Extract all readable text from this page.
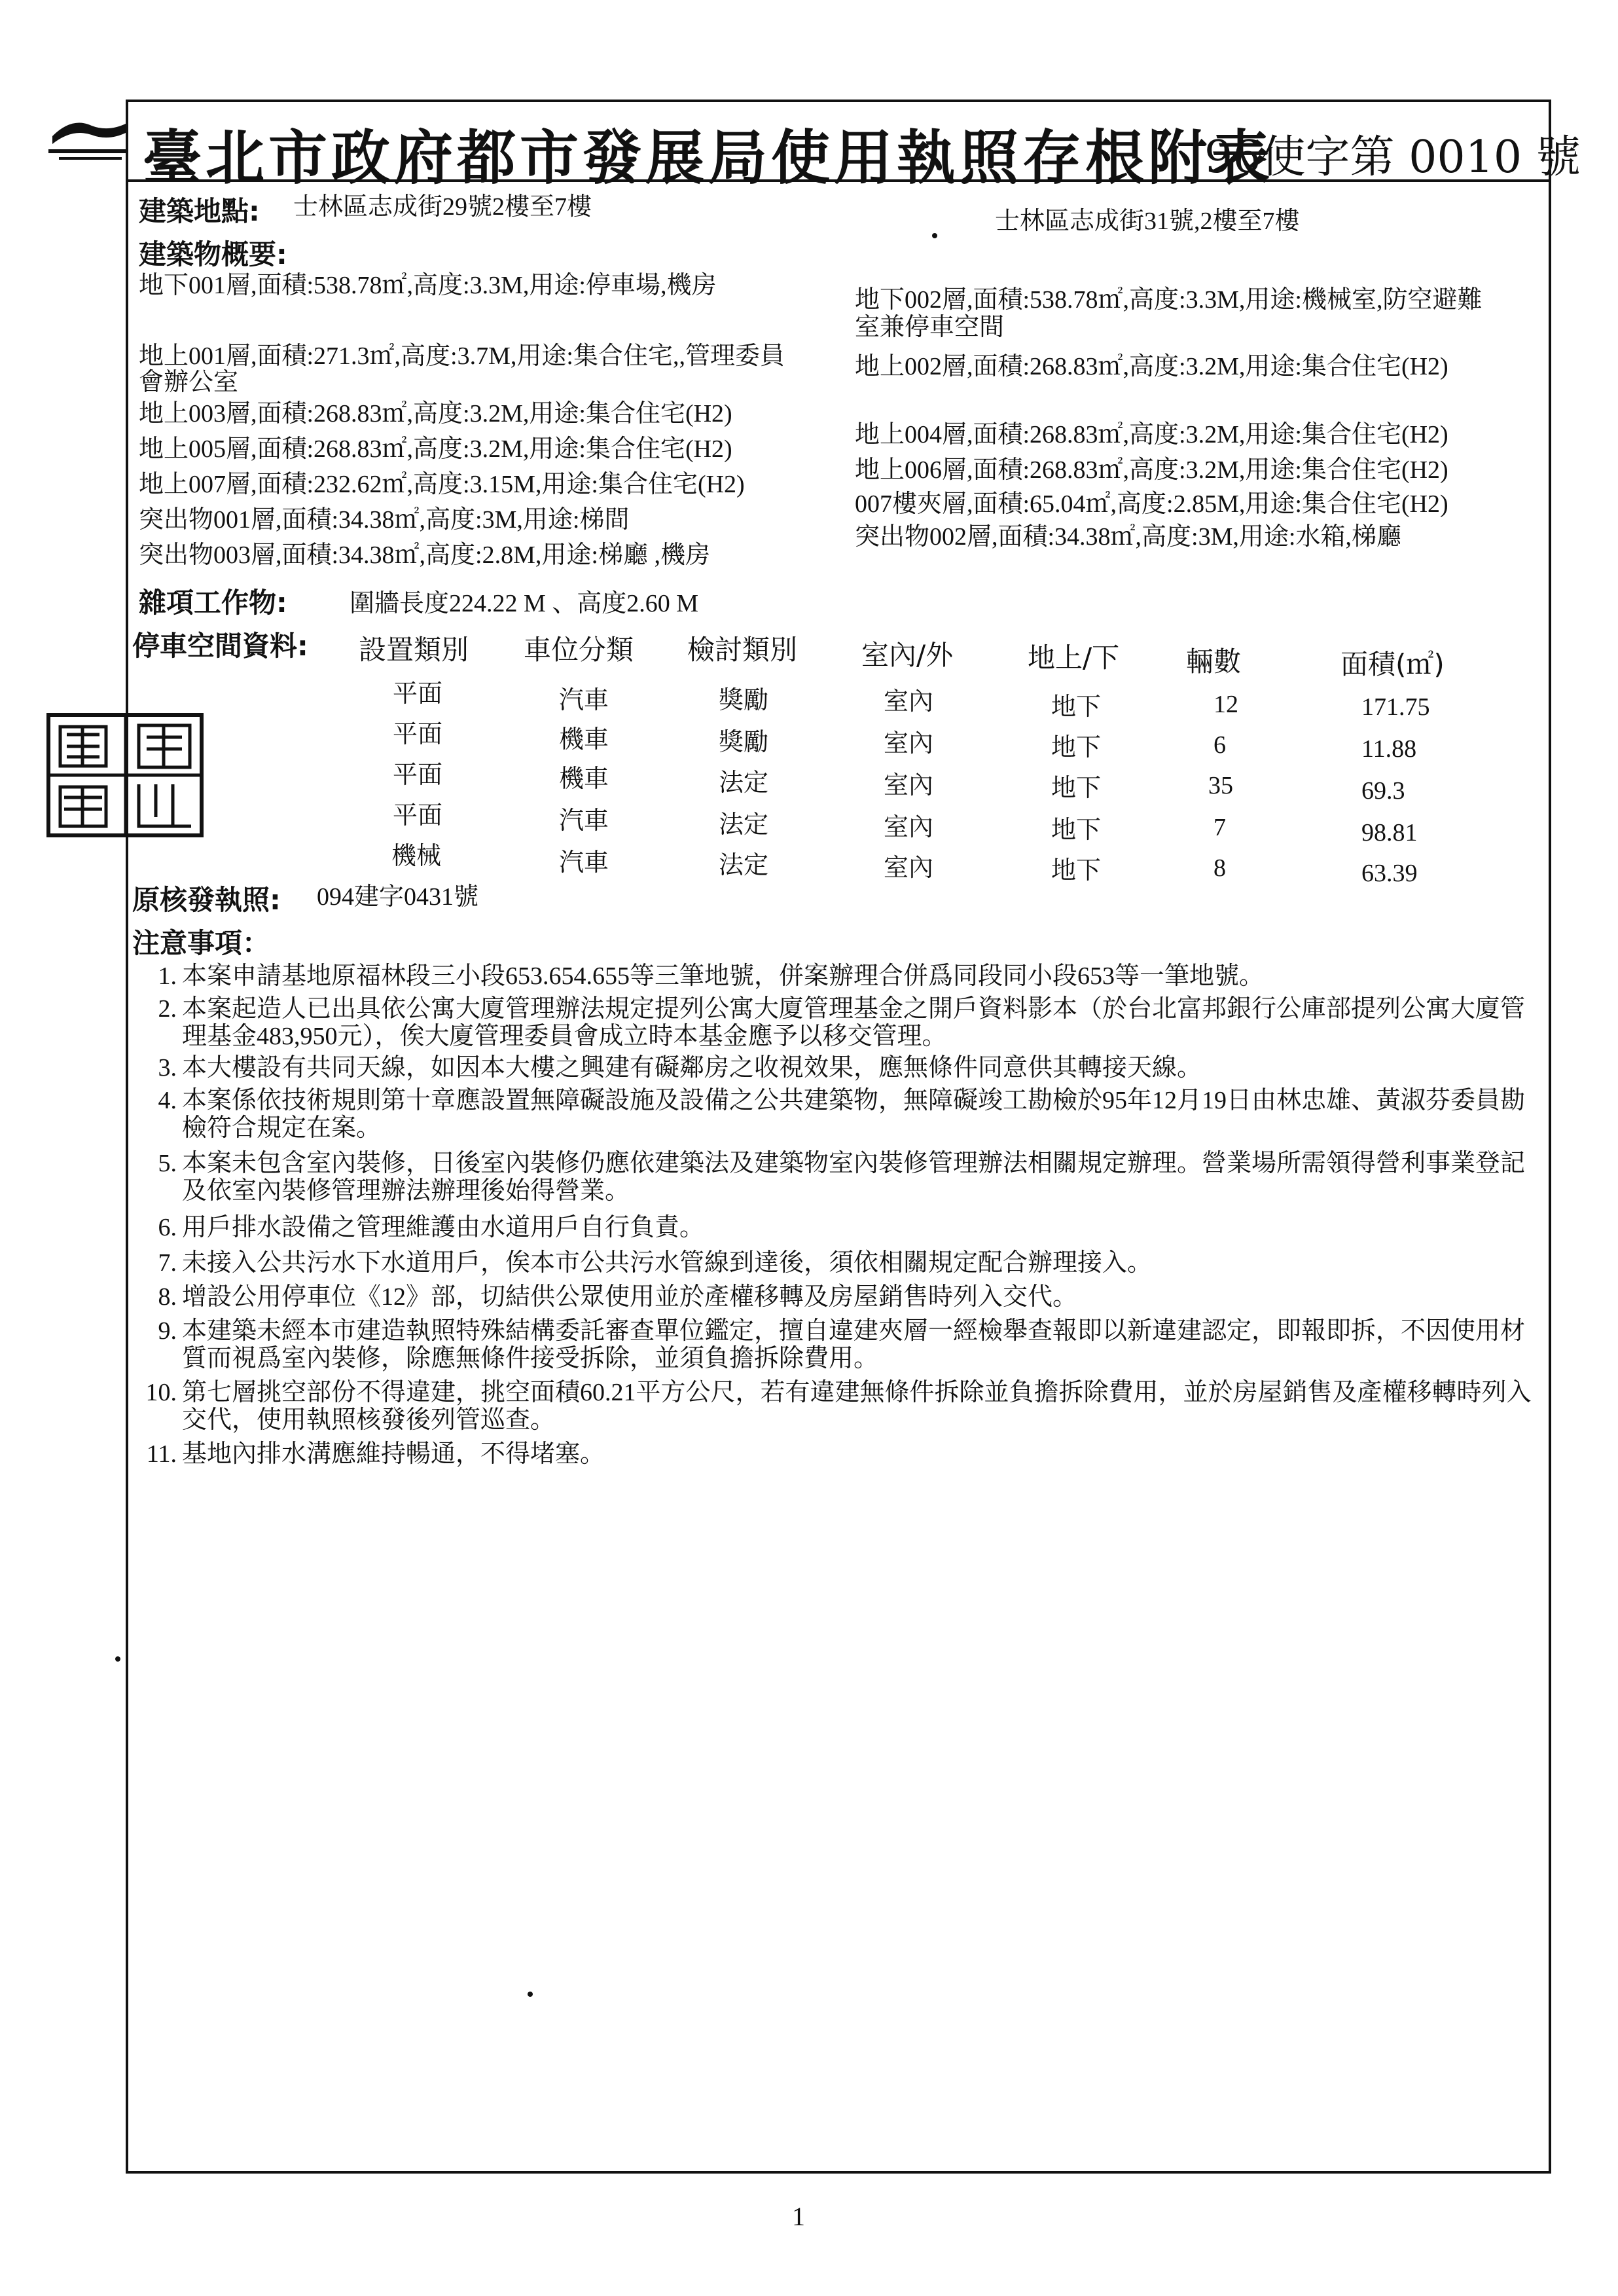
臺北市政府都市發展局使用執照存根附表
96使字第 0010 號
建築地點: 士林區志成街29號2樓至7樓
士林區志成街31號,2樓至7樓
建築物概要:
地下001層,面積:538.78㎡,高度:3.3M,用途:停車場,機房
地上001層,面積:271.3㎡,高度:3.7M,用途:集合住宅,,管理委員
會辦公室
地上003層,面積:268.83㎡,高度:3.2M,用途:集合住宅(H2)
地上005層,面積:268.83㎡,高度:3.2M,用途:集合住宅(H2)
地上007層,面積:232.62㎡,高度:3.15M,用途:集合住宅(H2)
突出物001層,面積:34.38㎡,高度:3M,用途:梯間
突出物003層,面積:34.38㎡,高度:2.8M,用途:梯廳 ,機房
地下002層,面積:538.78㎡,高度:3.3M,用途:機械室,防空避難
室兼停車空間
地上002層,面積:268.83㎡,高度:3.2M,用途:集合住宅(H2)
地上004層,面積:268.83㎡,高度:3.2M,用途:集合住宅(H2)
地上006層,面積:268.83㎡,高度:3.2M,用途:集合住宅(H2)
007樓夾層,面積:65.04㎡,高度:2.85M,用途:集合住宅(H2)
突出物002層,面積:34.38㎡,高度:3M,用途:水箱,梯廳
雜項工作物:	圍牆長度224.22 M 、高度2.60 M
停車空間資料: 設置類別 車位分類 檢討類別 室內/外	地上/下 輛數	面積(㎡)
平面	汽車	獎勵	室內	地下	12	171.75
平面	機車	獎勵	室內	地下	6	11.88
平面	機車	法定	室內	地下	35	69.3
平面	汽車	法定	室內	地下	7	98.81
機械	汽車	法定	室內	地下	8	63.39
原核發執照: 094建字0431號
注意事項：
1. 本案申請基地原福林段三小段653.654.655等三筆地號，併案辦理合併爲同段同小段653等一筆地號。
2. 本案起造人已出具依公寓大廈管理辦法規定提列公寓大廈管理基金之開戶資料影本（於台北富邦銀行公庫部提列公寓大廈管理基金483,950元），俟大廈管理委員會成立時本基金應予以移交管理。
3. 本大樓設有共同天線，如因本大樓之興建有礙鄰房之收視效果，應無條件同意供其轉接天線。
4. 本案係依技術規則第十章應設置無障礙設施及設備之公共建築物，無障礙竣工勘檢於95年12月19日由林忠雄、黃淑芬委員勘檢符合規定在案。
5. 本案未包含室內裝修，日後室內裝修仍應依建築法及建築物室內裝修管理辦法相關規定辦理。營業場所需領得營利事業登記及依室內裝修管理辦法辦理後始得營業。
6. 用戶排水設備之管理維護由水道用戶自行負責。
7. 未接入公共污水下水道用戶，俟本市公共污水管線到達後，須依相關規定配合辦理接入。
8. 增設公用停車位《12》部，切結供公眾使用並於產權移轉及房屋銷售時列入交代。
9. 本建築未經本市建造執照特殊結構委託審查單位鑑定，擅自違建夾層一經檢舉查報即以新違建認定，即報即拆，不因使用材質而視爲室內裝修，除應無條件接受拆除，並須負擔拆除費用。
10. 第七層挑空部份不得違建，挑空面積60.21平方公尺，若有違建無條件拆除並負擔拆除費用，並於房屋銷售及產權移轉時列入交代，使用執照核發後列管巡查。
11. 基地內排水溝應維持暢通，不得堵塞。
1
